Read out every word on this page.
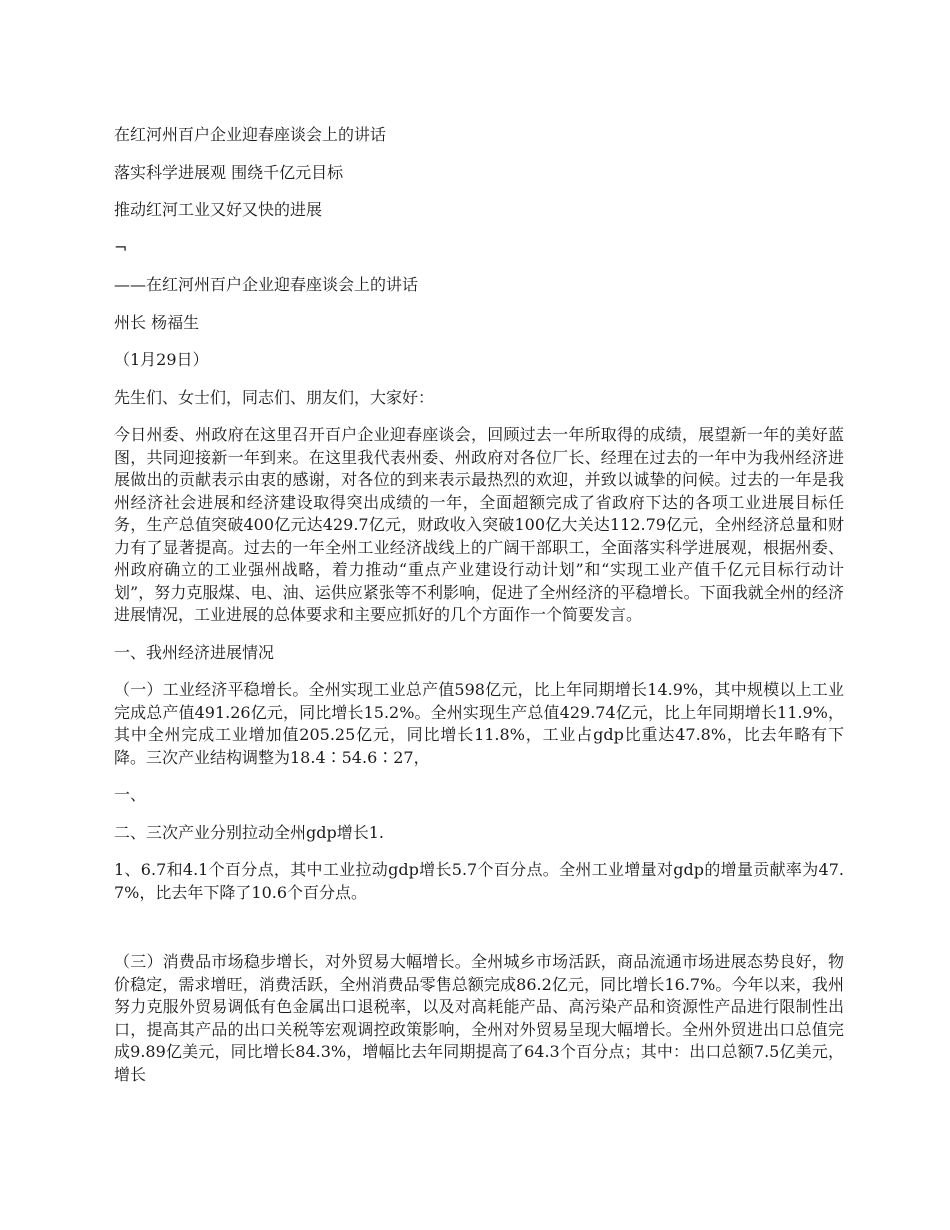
在红河州百户企业迎春座谈会上的讲话

落实科学进展观 围绕千亿元目标

推动红河工业又好又快的进展

¬

——在红河州百户企业迎春座谈会上的讲话

州长 杨福生

（1月29日）

先生们、女士们，同志们、朋友们，大家好：

今日州委、州政府在这里召开百户企业迎春座谈会，回顾过去一年所取得的成绩，展望新一年的美好蓝图，共同迎接新一年到来。在这里我代表州委、州政府对各位厂长、经理在过去的一年中为我州经济进展做出的贡献表示由衷的感谢，对各位的到来表示最热烈的欢迎，并致以诚挚的问候。过去的一年是我州经济社会进展和经济建设取得突出成绩的一年，全面超额完成了省政府下达的各项工业进展目标任务，生产总值突破400亿元达429.7亿元，财政收入突破100亿大关达112.79亿元，全州经济总量和财力有了显著提高。过去的一年全州工业经济战线上的广阔干部职工，全面落实科学进展观，根据州委、州政府确立的工业强州战略，着力推动“重点产业建设行动计划”和“实现工业产值千亿元目标行动计划”，努力克服煤、电、油、运供应紧张等不利影响，促进了全州经济的平稳增长。下面我就全州的经济进展情况，工业进展的总体要求和主要应抓好的几个方面作一个简要发言。

一、我州经济进展情况

（一）工业经济平稳增长。全州实现工业总产值598亿元，比上年同期增长14.9%，其中规模以上工业完成总产值491.26亿元，同比增长15.2%。全州实现生产总值429.74亿元，比上年同期增长11.9%，其中全州完成工业增加值205.25亿元，同比增长11.8%，工业占gdp比重达47.8%，比去年略有下降。三次产业结构调整为18.4∶54.6∶27，

一、

二、三次产业分别拉动全州gdp增长1.

1、6.7和4.1个百分点，其中工业拉动gdp增长5.7个百分点。全州工业增量对gdp的增量贡献率为47.7%，比去年下降了10.6个百分点。

（三）消费品市场稳步增长，对外贸易大幅增长。全州城乡市场活跃，商品流通市场进展态势良好，物价稳定，需求增旺，消费活跃，全州消费品零售总额完成86.2亿元，同比增长16.7%。今年以来，我州努力克服外贸易调低有色金属出口退税率，以及对高耗能产品、高污染产品和资源性产品进行限制性出口，提高其产品的出口关税等宏观调控政策影响，全州对外贸易呈现大幅增长。全州外贸进出口总值完成9.89亿美元，同比增长84.3%，增幅比去年同期提高了64.3个百分点；其中：出口总额7.5亿美元，增长
